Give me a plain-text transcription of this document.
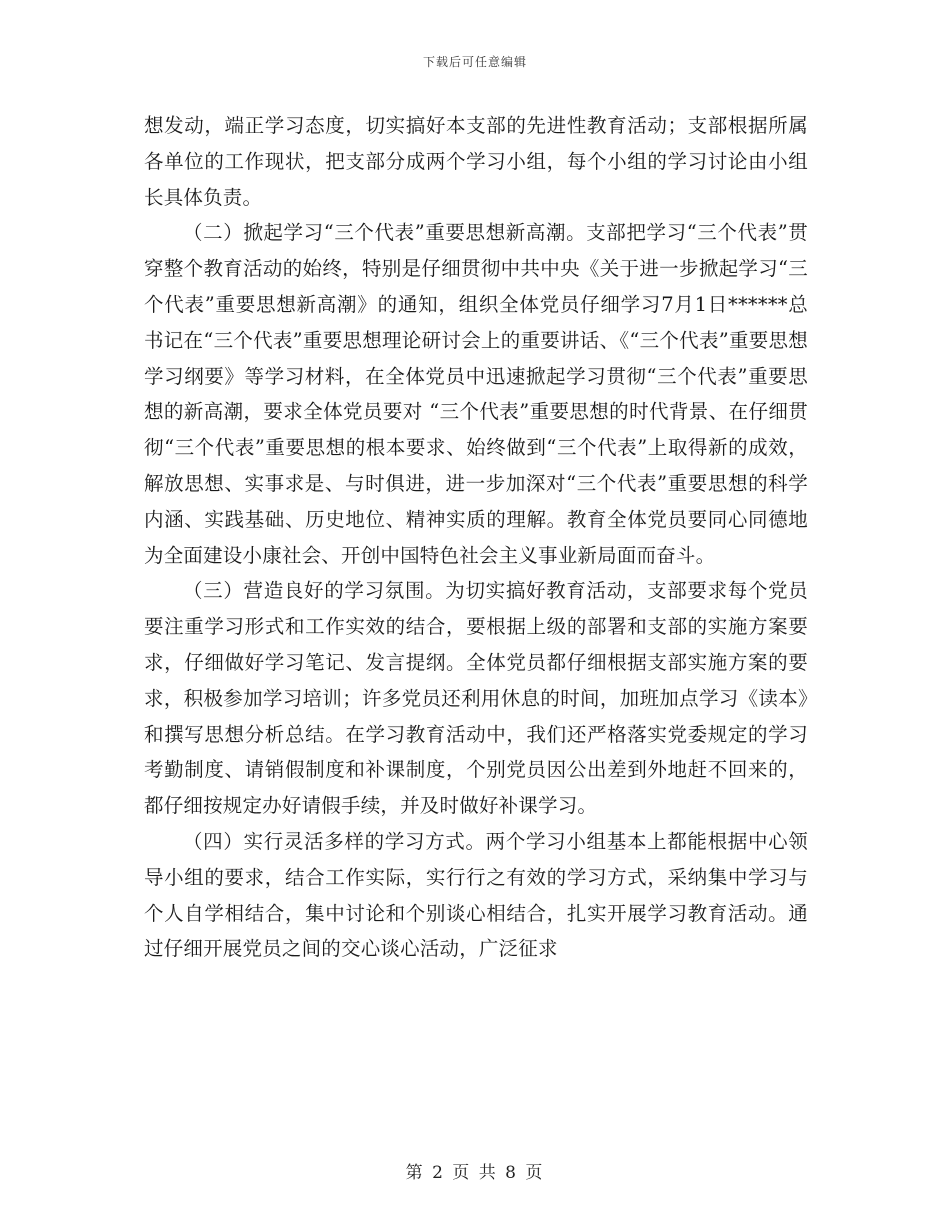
下载后可任意编辑

想发动，端正学习态度，切实搞好本支部的先进性教育活动；支部根据所属各单位的工作现状，把支部分成两个学习小组，每个小组的学习讨论由小组长具体负责。

（二）掀起学习“三个代表”重要思想新高潮。支部把学习“三个代表”贯穿整个教育活动的始终，特别是仔细贯彻中共中央《关于进一步掀起学习“三个代表”重要思想新高潮》的通知，组织全体党员仔细学习7月1日******总书记在“三个代表”重要思想理论研讨会上的重要讲话、《“三个代表”重要思想学习纲要》等学习材料，在全体党员中迅速掀起学习贯彻“三个代表”重要思想的新高潮，要求全体党员要对 “三个代表”重要思想的时代背景、在仔细贯彻“三个代表”重要思想的根本要求、始终做到“三个代表”上取得新的成效，解放思想、实事求是、与时俱进，进一步加深对“三个代表”重要思想的科学内涵、实践基础、历史地位、精神实质的理解。教育全体党员要同心同德地为全面建设小康社会、开创中国特色社会主义事业新局面而奋斗。

（三）营造良好的学习氛围。为切实搞好教育活动，支部要求每个党员要注重学习形式和工作实效的结合，要根据上级的部署和支部的实施方案要求，仔细做好学习笔记、发言提纲。全体党员都仔细根据支部实施方案的要求，积极参加学习培训；许多党员还利用休息的时间，加班加点学习《读本》和撰写思想分析总结。在学习教育活动中，我们还严格落实党委规定的学习考勤制度、请销假制度和补课制度，个别党员因公出差到外地赶不回来的，都仔细按规定办好请假手续，并及时做好补课学习。

（四）实行灵活多样的学习方式。两个学习小组基本上都能根据中心领导小组的要求，结合工作实际，实行行之有效的学习方式，采纳集中学习与个人自学相结合，集中讨论和个别谈心相结合，扎实开展学习教育活动。通过仔细开展党员之间的交心谈心活动，广泛征求

第 2 页 共 8 页
